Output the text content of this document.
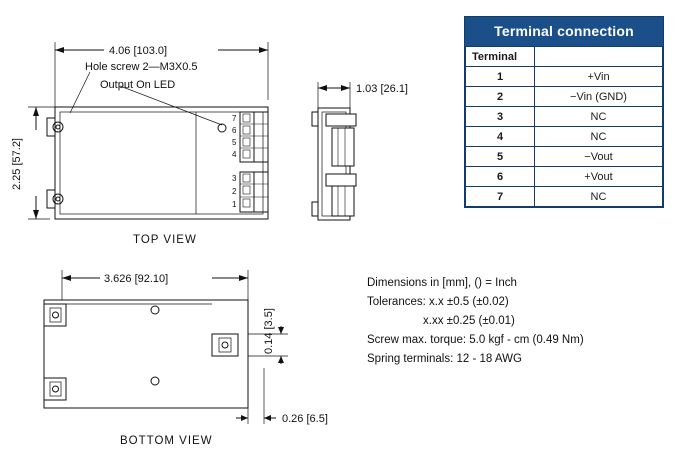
4.06 [103.0]
Hole screw 2—M3X0.5
Output On LED
7
6
5
4
3
2
1
TOP VIEW
2.25 [57.2]
1.03 [26.1]
3.626 [92.10]
0.14 [3.5]
0.26 [6.5]
BOTTOM VIEW
Terminal connection
Terminal	
1	+Vin
2	−Vin (GND)
3	NC
4	NC
5	−Vout
6	+Vout
7	NC
Dimensions in [mm], () = Inch
Tolerances: x.x ±0.5 (±0.02)
x.xx ±0.25 (±0.01)
Screw max. torque: 5.0 kgf - cm (0.49 Nm)
Spring terminals: 12 - 18 AWG
